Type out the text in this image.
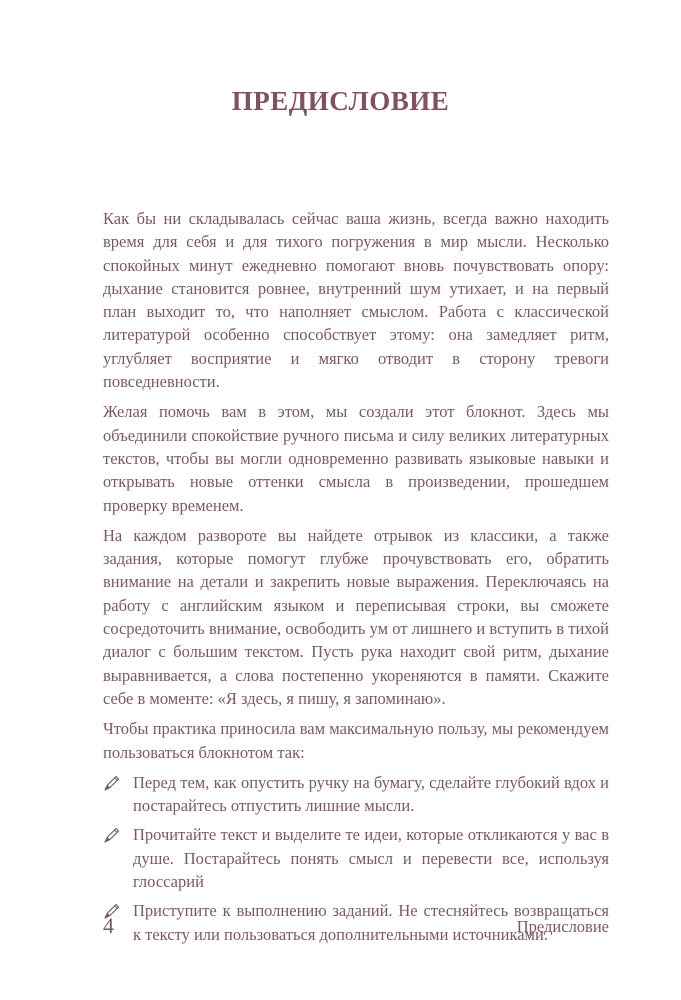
ПРЕДИСЛОВИЕ

Как бы ни складывалась сейчас ваша жизнь, всегда важно находить время для себя и для тихого погружения в мир мысли. Несколько спокойных минут ежедневно помогают вновь почувствовать опору: дыхание становится ровнее, внутренний шум утихает, и на первый план выходит то, что наполняет смыслом. Работа с классической литературой особенно способствует этому: она замедляет ритм, углубляет восприятие и мягко отводит в сторону тревоги повседневности.

Желая помочь вам в этом, мы создали этот блокнот. Здесь мы объединили спокойствие ручного письма и силу великих литературных текстов, чтобы вы могли одновременно развивать языковые навыки и открывать новые оттенки смысла в произведении, прошедшем проверку временем.

На каждом развороте вы найдете отрывок из классики, а также задания, которые помогут глубже прочувствовать его, обратить внимание на детали и закрепить новые выражения. Переключаясь на работу с английским языком и переписывая строки, вы сможете сосредоточить внимание, освободить ум от лишнего и вступить в тихой диалог с большим текстом. Пусть рука находит свой ритм, дыхание выравнивается, а слова постепенно укореняются в памяти. Скажите себе в моменте: «Я здесь, я пишу, я запоминаю».

Чтобы практика приносила вам максимальную пользу, мы рекомендуем пользоваться блокнотом так:

Перед тем, как опустить ручку на бумагу, сделайте глубокий вдох и постарайтесь отпустить лишние мысли.
Прочитайте текст и выделите те идеи, которые откликаются у вас в душе. Постарайтесь понять смысл и перевести все, используя глоссарий
Приступите к выполнению заданий. Не стесняйтесь возвращаться к тексту или пользоваться дополнительными источниками.
4	Предисловие
